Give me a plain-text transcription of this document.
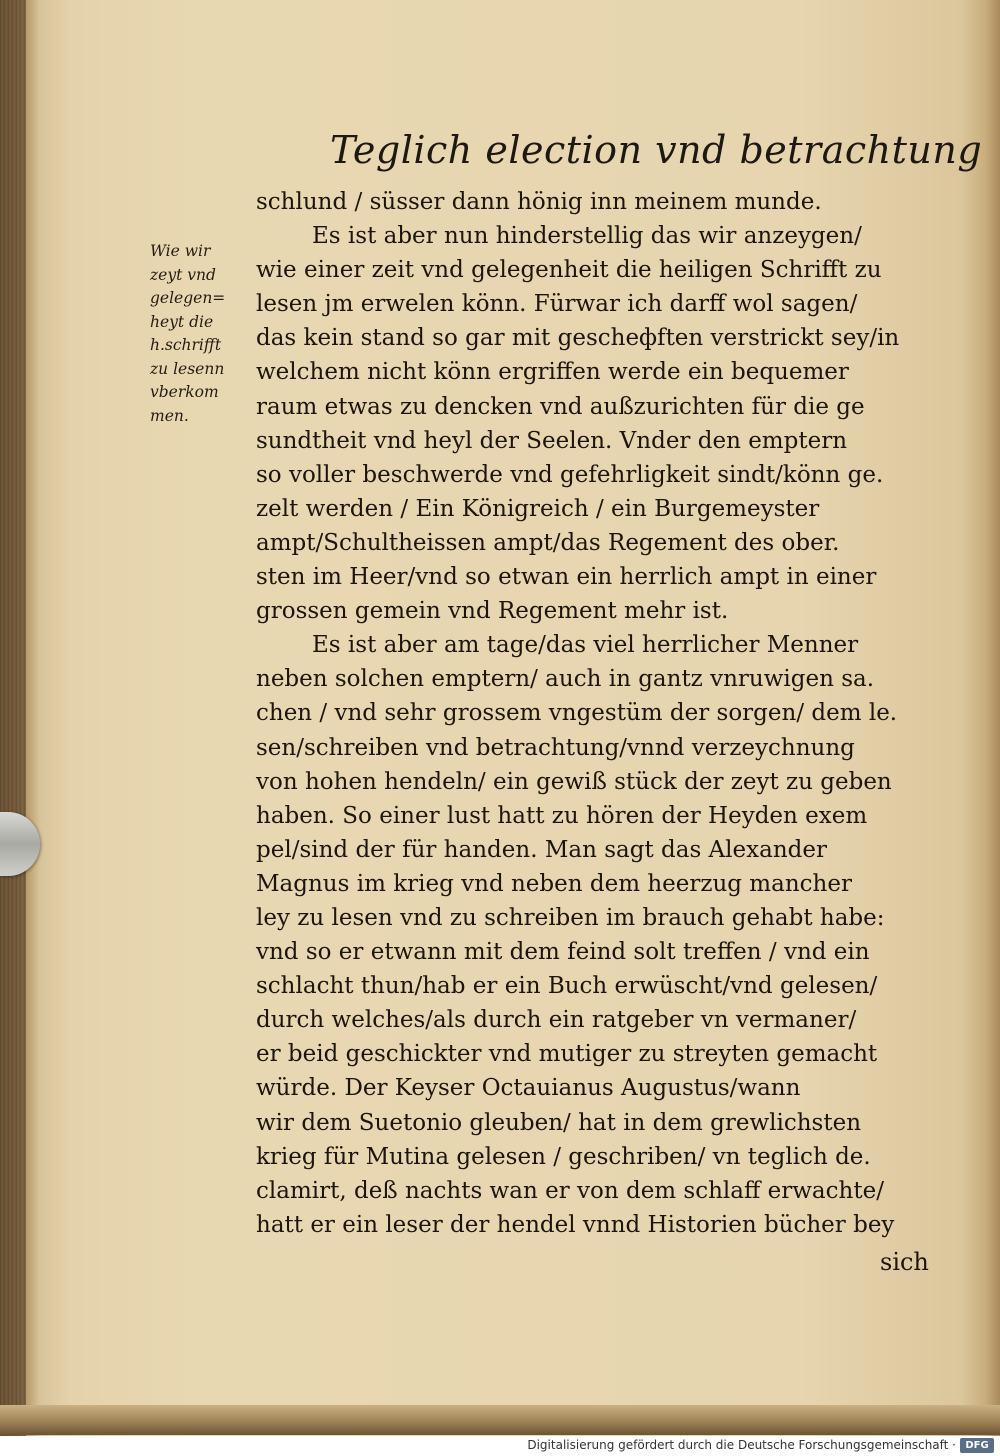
Teglich election vnd betrachtung
Wie wir
zeyt vnd
gelegen=
heyt die
h.schrifft
zu lesenn
vberkom
men.
schlund / süsser dann hönig inn meinem munde.
Es ist aber nun hinderstellig das wir anzeygen/
wie einer zeit vnd gelegenheit die heiligen Schrifft zu
lesen jm erwelen könn. Fürwar ich darff wol sagen/
das kein stand so gar mit gescheфften verstrickt sey/in
welchem nicht könn ergriffen werde ein bequemer
raum etwas zu dencken vnd außzurichten für die ge
sundtheit vnd heyl der Seelen. Vnder den emptern
so voller beschwerde vnd gefehrligkeit sindt/könn ge.
zelt werden / Ein Königreich / ein Burgemeyster
ampt/Schultheissen ampt/das Regement des ober.
sten im Heer/vnd so etwan ein herrlich ampt in einer
grossen gemein vnd Regement mehr ist.
Es ist aber am tage/das viel herrlicher Menner
neben solchen emptern/ auch in gantz vnruwigen sa.
chen / vnd sehr grossem vngestüm der sorgen/ dem le.
sen/schreiben vnd betrachtung/vnnd verzeychnung
von hohen hendeln/ ein gewiß stück der zeyt zu geben
haben. So einer lust hatt zu hören der Heyden exem
pel/sind der für handen. Man sagt das Alexander
Magnus im krieg vnd neben dem heerzug mancher
ley zu lesen vnd zu schreiben im brauch gehabt habe:
vnd so er etwann mit dem feind solt treffen / vnd ein
schlacht thun/hab er ein Buch erwüscht/vnd gelesen/
durch welches/als durch ein ratgeber vn vermaner/
er beid geschickter vnd mutiger zu streyten gemacht
würde. Der Keyser Octauianus Augustus/wann
wir dem Suetonio gleuben/ hat in dem grewlichsten
krieg für Mutina gelesen / geschriben/ vn teglich de.
clamirt, deß nachts wan er von dem schlaff erwachte/
hatt er ein leser der hendel vnnd Historien bücher bey
sich
Digitalisierung gefördert durch die Deutsche Forschungsgemeinschaft · DFG
